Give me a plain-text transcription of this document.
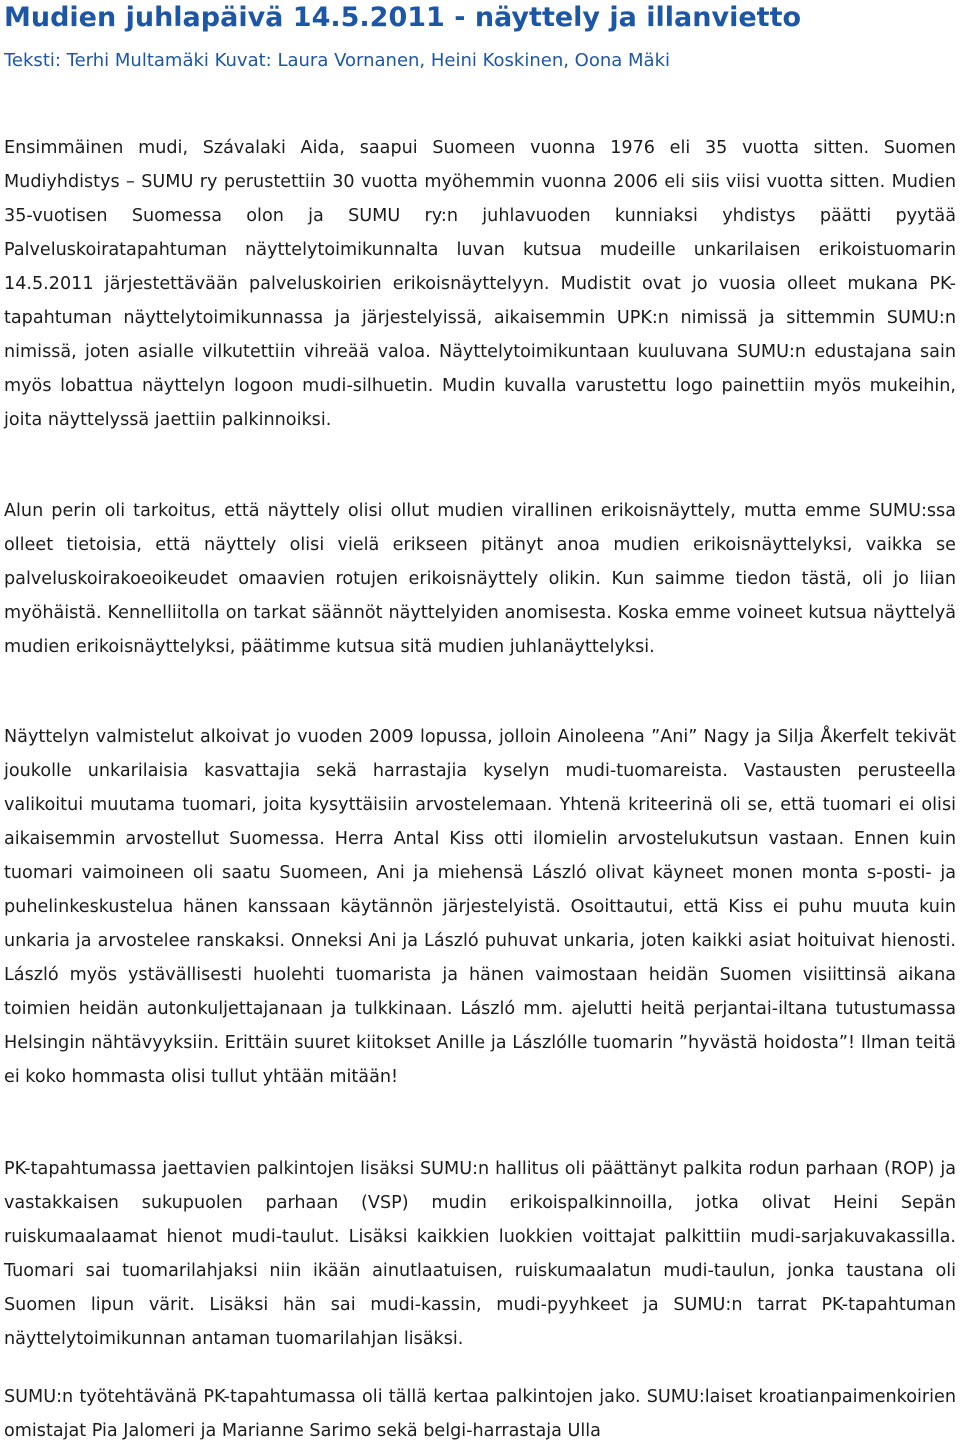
Mudien juhlapäivä 14.5.2011 - näyttely ja illanvietto
Teksti: Terhi Multamäki Kuvat: Laura Vornanen, Heini Koskinen, Oona Mäki

Ensimmäinen mudi, Szávalaki Aida, saapui Suomeen vuonna 1976 eli 35 vuotta sitten. Suomen Mudiyhdistys – SUMU ry perustettiin 30 vuotta myöhemmin vuonna 2006 eli siis viisi vuotta sitten. Mudien 35-vuotisen Suomessa olon ja SUMU ry:n juhlavuoden kunniaksi yhdistys päätti pyytää Palveluskoiratapahtuman näyttelytoimikunnalta luvan kutsua mudeille unkarilaisen erikoistuomarin 14.5.2011 järjestettävään palveluskoirien erikoisnäyttelyyn. Mudistit ovat jo vuosia olleet mukana PK-tapahtuman näyttelytoimikunnassa ja järjestelyissä, aikaisemmin UPK:n nimissä ja sittemmin SUMU:n nimissä, joten asialle vilkutettiin vihreää valoa. Näyttelytoimikuntaan kuuluvana SUMU:n edustajana sain myös lobattua näyttelyn logoon mudi-silhuetin. Mudin kuvalla varustettu logo painettiin myös mukeihin, joita näyttelyssä jaettiin palkinnoiksi.

Alun perin oli tarkoitus, että näyttely olisi ollut mudien virallinen erikoisnäyttely, mutta emme SUMU:ssa olleet tietoisia, että näyttely olisi vielä erikseen pitänyt anoa mudien erikoisnäyttelyksi, vaikka se palveluskoirakoeoikeudet omaavien rotujen erikoisnäyttely olikin. Kun saimme tiedon tästä, oli jo liian myöhäistä. Kennelliitolla on tarkat säännöt näyttelyiden anomisesta. Koska emme voineet kutsua näyttelyä mudien erikoisnäyttelyksi, päätimme kutsua sitä mudien juhlanäyttelyksi.

Näyttelyn valmistelut alkoivat jo vuoden 2009 lopussa, jolloin Ainoleena ”Ani” Nagy ja Silja Åkerfelt tekivät joukolle unkarilaisia kasvattajia sekä harrastajia kyselyn mudi-tuomareista. Vastausten perusteella valikoitui muutama tuomari, joita kysyttäisiin arvostelemaan. Yhtenä kriteerinä oli se, että tuomari ei olisi aikaisemmin arvostellut Suomessa. Herra Antal Kiss otti ilomielin arvostelukutsun vastaan. Ennen kuin tuomari vaimoineen oli saatu Suomeen, Ani ja miehensä László olivat käyneet monen monta s-posti- ja puhelinkeskustelua hänen kanssaan käytännön järjestelyistä. Osoittautui, että Kiss ei puhu muuta kuin unkaria ja arvostelee ranskaksi. Onneksi Ani ja László puhuvat unkaria, joten kaikki asiat hoituivat hienosti. László myös ystävällisesti huolehti tuomarista ja hänen vaimostaan heidän Suomen visiittinsä aikana toimien heidän autonkuljettajanaan ja tulkkinaan. László mm. ajelutti heitä perjantai-iltana tutustumassa Helsingin nähtävyyksiin. Erittäin suuret kiitokset Anille ja Lászlólle tuomarin ”hyvästä hoidosta”! Ilman teitä ei koko hommasta olisi tullut yhtään mitään!

PK-tapahtumassa jaettavien palkintojen lisäksi SUMU:n hallitus oli päättänyt palkita rodun parhaan (ROP) ja vastakkaisen sukupuolen parhaan (VSP) mudin erikoispalkinnoilla, jotka olivat Heini Sepän ruiskumaalaamat hienot mudi-taulut. Lisäksi kaikkien luokkien voittajat palkittiin mudi-sarjakuvakassilla. Tuomari sai tuomarilahjaksi niin ikään ainutlaatuisen, ruiskumaalatun mudi-taulun, jonka taustana oli Suomen lipun värit. Lisäksi hän sai mudi-kassin, mudi-pyyhkeet ja SUMU:n tarrat PK-tapahtuman näyttelytoimikunnan antaman tuomarilahjan lisäksi.

SUMU:n työtehtävänä PK-tapahtumassa oli tällä kertaa palkintojen jako. SUMU:laiset kroatianpaimenkoirien omistajat Pia Jalomeri ja Marianne Sarimo sekä belgi-harrastaja Ulla
